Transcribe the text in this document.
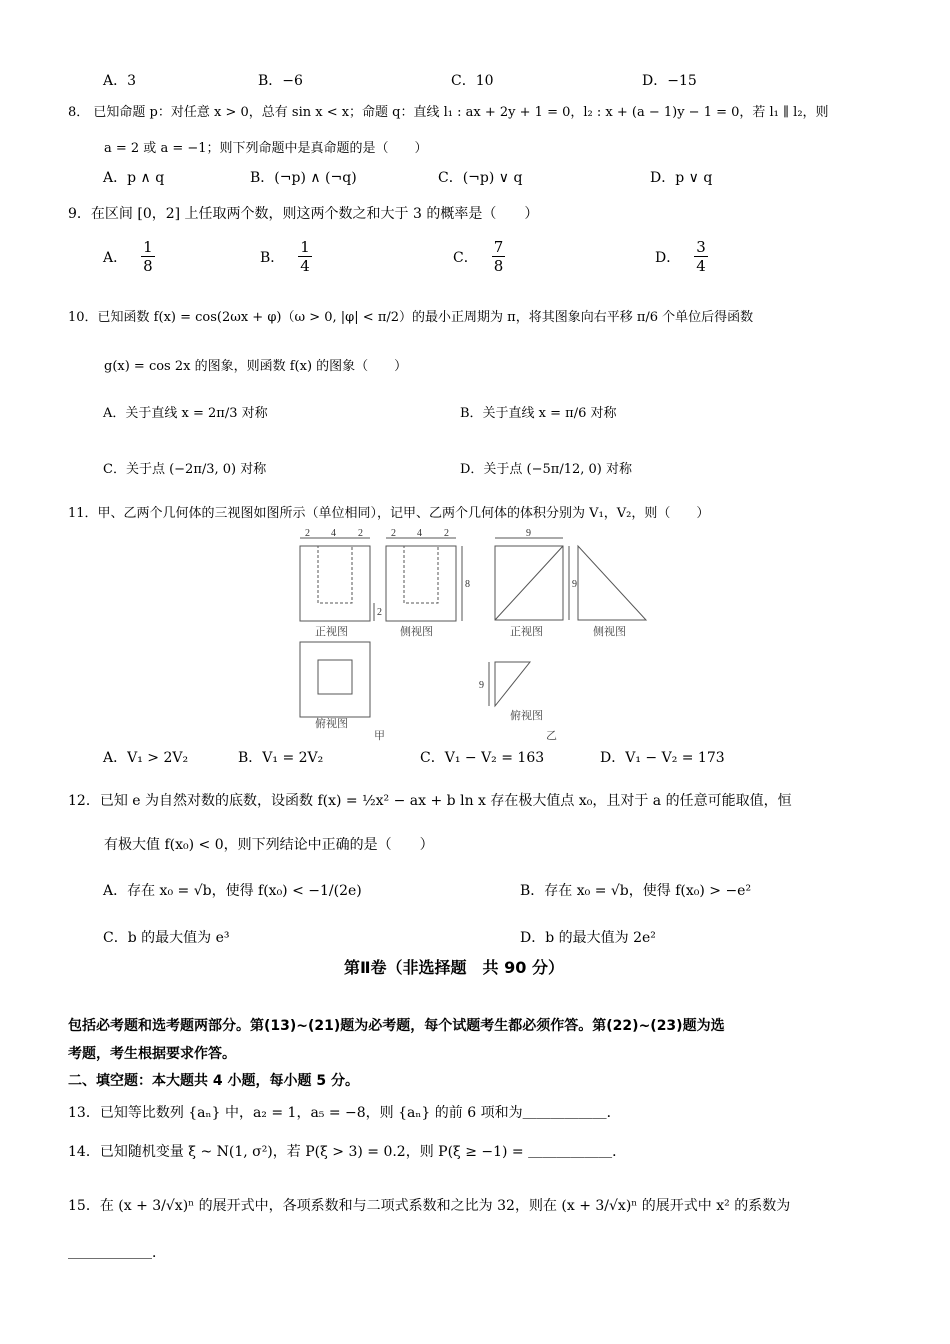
A．3	B．−6	C．10	D．−15
8． 已知命题 p：对任意 x > 0，总有 sin x < x；命题 q：直线 l₁ : ax + 2y + 1 = 0，l₂ : x + (a − 1)y − 1 = 0，若 l₁ ∥ l₂，则
a = 2 或 a = −1；则下列命题中是真命题的是（　　）
A．p ∧ q	B．(¬p) ∧ (¬q)	C．(¬p) ∨ q	D．p ∨ q
9．在区间 [0，2] 上任取两个数，则这两个数之和大于 3 的概率是（　　）
A． $\frac{1}{8}$	B． $\frac{1}{4}$	C． $\frac{7}{8}$	D． $\frac{3}{4}$
10．已知函数 f(x) = cos(2ωx + φ)（ω > 0, |φ| < π/2）的最小正周期为 π，将其图象向右平移 π/6 个单位后得函数
g(x) = cos 2x 的图象，则函数 f(x) 的图象（　　）
A．关于直线 x = 2π/3 对称	B．关于直线 x = π/6 对称
C．关于点 (−2π/3, 0) 对称	D．关于点 (−5π/12, 0) 对称
11．甲、乙两个几何体的三视图如图所示（单位相同），记甲、乙两个几何体的体积分别为 V₁，V₂，则（　　）
2 4 2	2 4 2
8
2
9
9
9
正视图	侧视图
俯视图
甲
正视图	侧视图
俯视图
乙
A．V₁ > 2V₂	B．V₁ = 2V₂	C．V₁ − V₂ = 163	D．V₁ − V₂ = 173
12．已知 e 为自然对数的底数，设函数 f(x) = ½x² − ax + b ln x 存在极大值点 x₀，且对于 a 的任意可能取值，恒
有极大值 f(x₀) < 0，则下列结论中正确的是（　　）
A．存在 x₀ = √b，使得 f(x₀) < −1/(2e)	B．存在 x₀ = √b，使得 f(x₀) > −e²
C．b 的最大值为 e³	D．b 的最大值为 2e²
第Ⅱ卷（非选择题　共 90 分）
包括必考题和选考题两部分。第(13)~(21)题为必考题，每个试题考生都必须作答。第(22)~(23)题为选
考题，考生根据要求作答。
二、填空题：本大题共 4 小题，每小题 5 分。
13．已知等比数列 {aₙ} 中，a₂ = 1，a₅ = −8，则 {aₙ} 的前 6 项和为＿＿＿＿＿＿．
14．已知随机变量 ξ ~ N(1, σ²)，若 P(ξ > 3) = 0.2，则 P(ξ ≥ −1) = ＿＿＿＿＿＿．
15．在 (x + 3/√x)ⁿ 的展开式中，各项系数和与二项式系数和之比为 32，则在 (x + 3/√x)ⁿ 的展开式中 x² 的系数为
＿＿＿＿＿＿．
